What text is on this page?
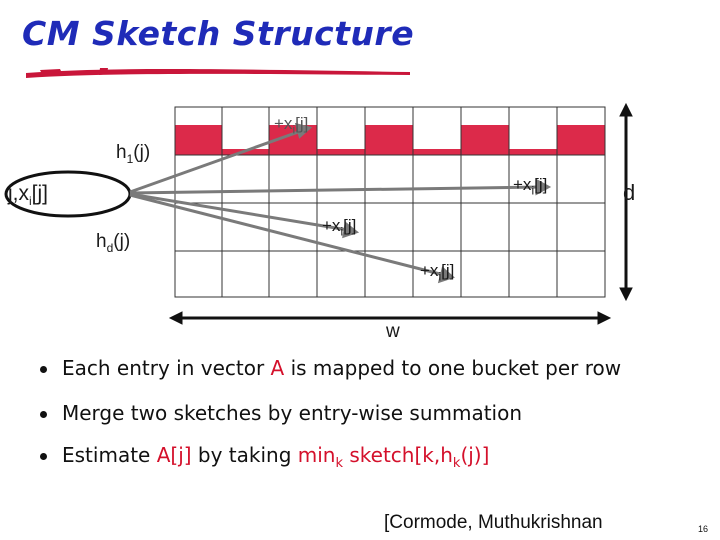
CM Sketch Structure
$h_1(j)$
$h_d(j)$
$j,x_i[j]$
$+x_i[j]$
$+x_i[j]$
$+x_i[j]$
$+x_i[j]$
d
w
Each entry in vector A is mapped to one bucket per row
Merge two sketches by entry-wise summation
Estimate A[j] by taking $\min_k$ $sketch[k,h_k(j)]$
[Cormode, Muthukrishnan	16
